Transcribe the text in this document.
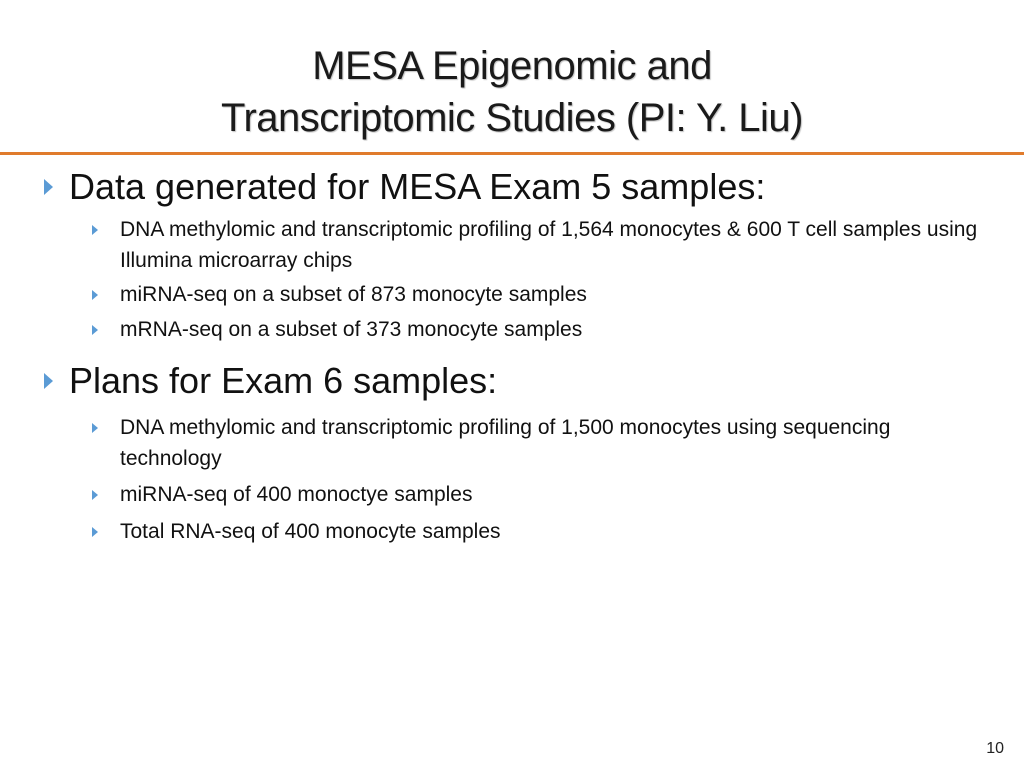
MESA Epigenomic and
Transcriptomic Studies (PI: Y. Liu)
Data generated for MESA Exam 5 samples:
DNA methylomic and transcriptomic profiling of 1,564 monocytes & 600 T cell samples using Illumina microarray chips
miRNA-seq on a subset of 873 monocyte samples
mRNA-seq on a subset of 373 monocyte samples
Plans for Exam 6 samples:
DNA methylomic and transcriptomic profiling of 1,500 monocytes using sequencing technology
miRNA-seq of 400 monoctye samples
Total RNA-seq of 400 monocyte samples
10
